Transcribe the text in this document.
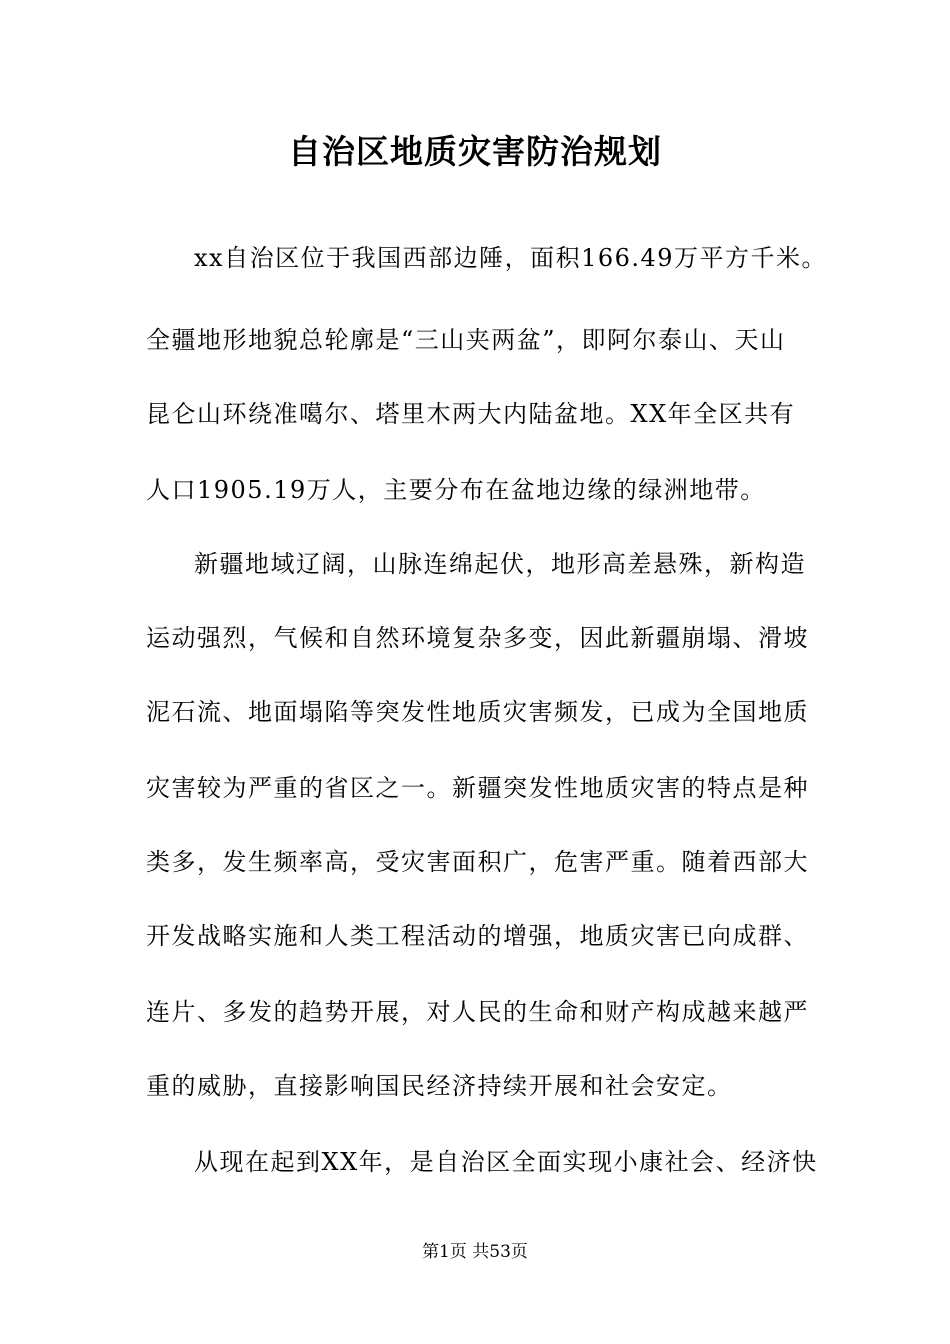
自治区地质灾害防治规划
xx自治区位于我国西部边陲，面积166.49万平方千米。
全疆地形地貌总轮廓是“三山夹两盆”，即阿尔泰山、天山
昆仑山环绕准噶尔、塔里木两大内陆盆地。XX年全区共有
人口1905.19万人，主要分布在盆地边缘的绿洲地带。
新疆地域辽阔，山脉连绵起伏，地形高差悬殊，新构造
运动强烈，气候和自然环境复杂多变，因此新疆崩塌、滑坡
泥石流、地面塌陷等突发性地质灾害频发，已成为全国地质
灾害较为严重的省区之一。新疆突发性地质灾害的特点是种
类多，发生频率高，受灾害面积广，危害严重。随着西部大
开发战略实施和人类工程活动的增强，地质灾害已向成群、
连片、多发的趋势开展，对人民的生命和财产构成越来越严
重的威胁，直接影响国民经济持续开展和社会安定。
从现在起到XX年，是自治区全面实现小康社会、经济快
第1页 共53页
